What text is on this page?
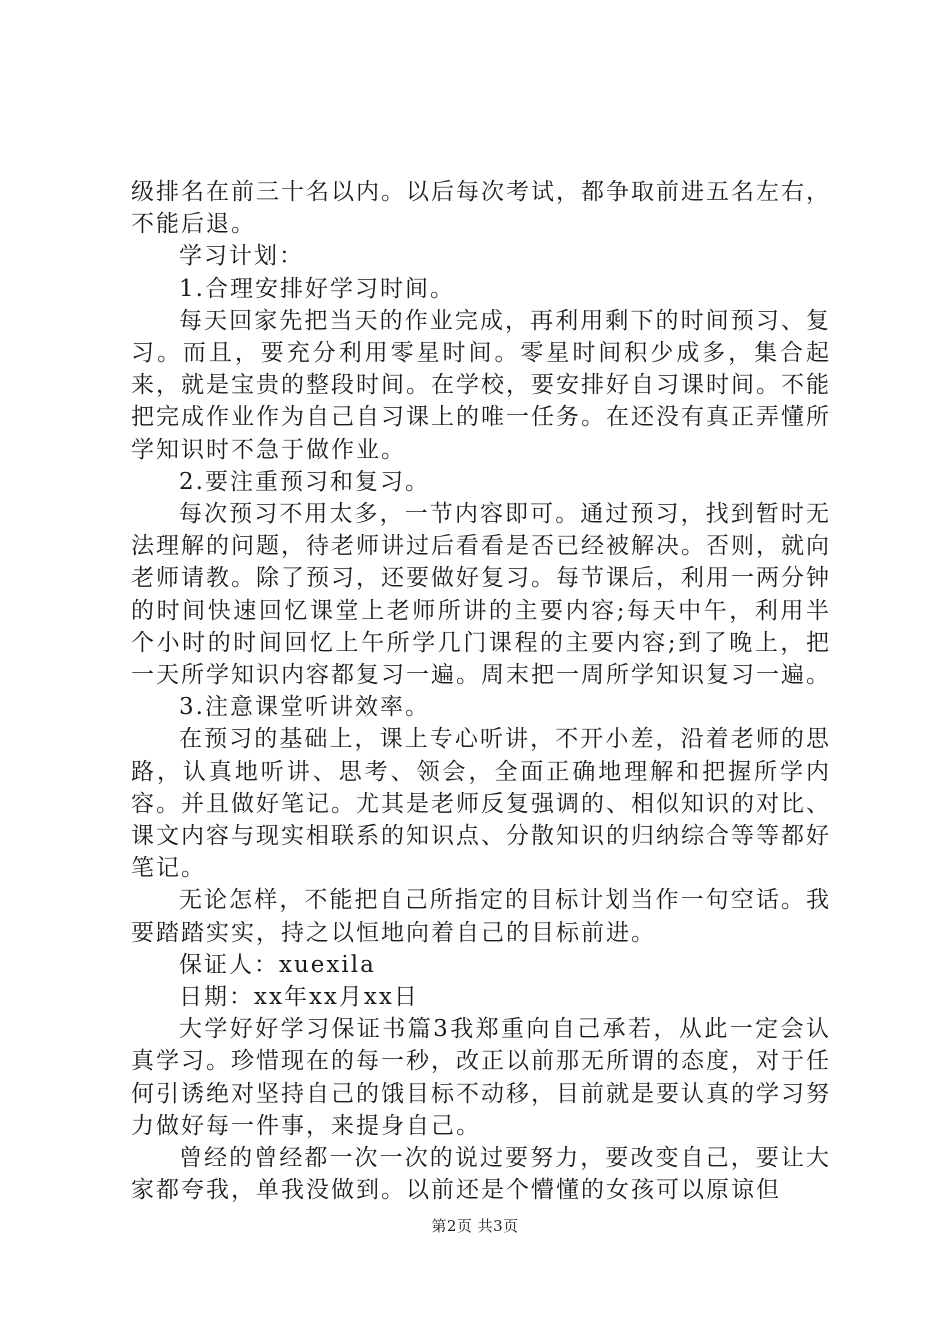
级排名在前三十名以内。以后每次考试，都争取前进五名左右，不能后退。

学习计划：

1.合理安排好学习时间。

每天回家先把当天的作业完成，再利用剩下的时间预习、复习。而且，要充分利用零星时间。零星时间积少成多，集合起来，就是宝贵的整段时间。在学校，要安排好自习课时间。不能把完成作业作为自己自习课上的唯一任务。在还没有真正弄懂所学知识时不急于做作业。

2.要注重预习和复习。

每次预习不用太多，一节内容即可。通过预习，找到暂时无法理解的问题，待老师讲过后看看是否已经被解决。否则，就向老师请教。除了预习，还要做好复习。每节课后，利用一两分钟的时间快速回忆课堂上老师所讲的主要内容;每天中午，利用半个小时的时间回忆上午所学几门课程的主要内容;到了晚上，把一天所学知识内容都复习一遍。周末把一周所学知识复习一遍。

3.注意课堂听讲效率。

在预习的基础上，课上专心听讲，不开小差，沿着老师的思路，认真地听讲、思考、领会，全面正确地理解和把握所学内容。并且做好笔记。尤其是老师反复强调的、相似知识的对比、课文内容与现实相联系的知识点、分散知识的归纳综合等等都好笔记。

无论怎样，不能把自己所指定的目标计划当作一句空话。我要踏踏实实，持之以恒地向着自己的目标前进。

保证人：xuexila

日期：xx年xx月xx日

大学好好学习保证书篇3我郑重向自己承若，从此一定会认真学习。珍惜现在的每一秒，改正以前那无所谓的态度，对于任何引诱绝对坚持自己的饿目标不动移，目前就是要认真的学习努力做好每一件事，来提身自己。

曾经的曾经都一次一次的说过要努力，要改变自己，要让大家都夸我，单我没做到。以前还是个懵懂的女孩可以原谅但

第2页 共3页
